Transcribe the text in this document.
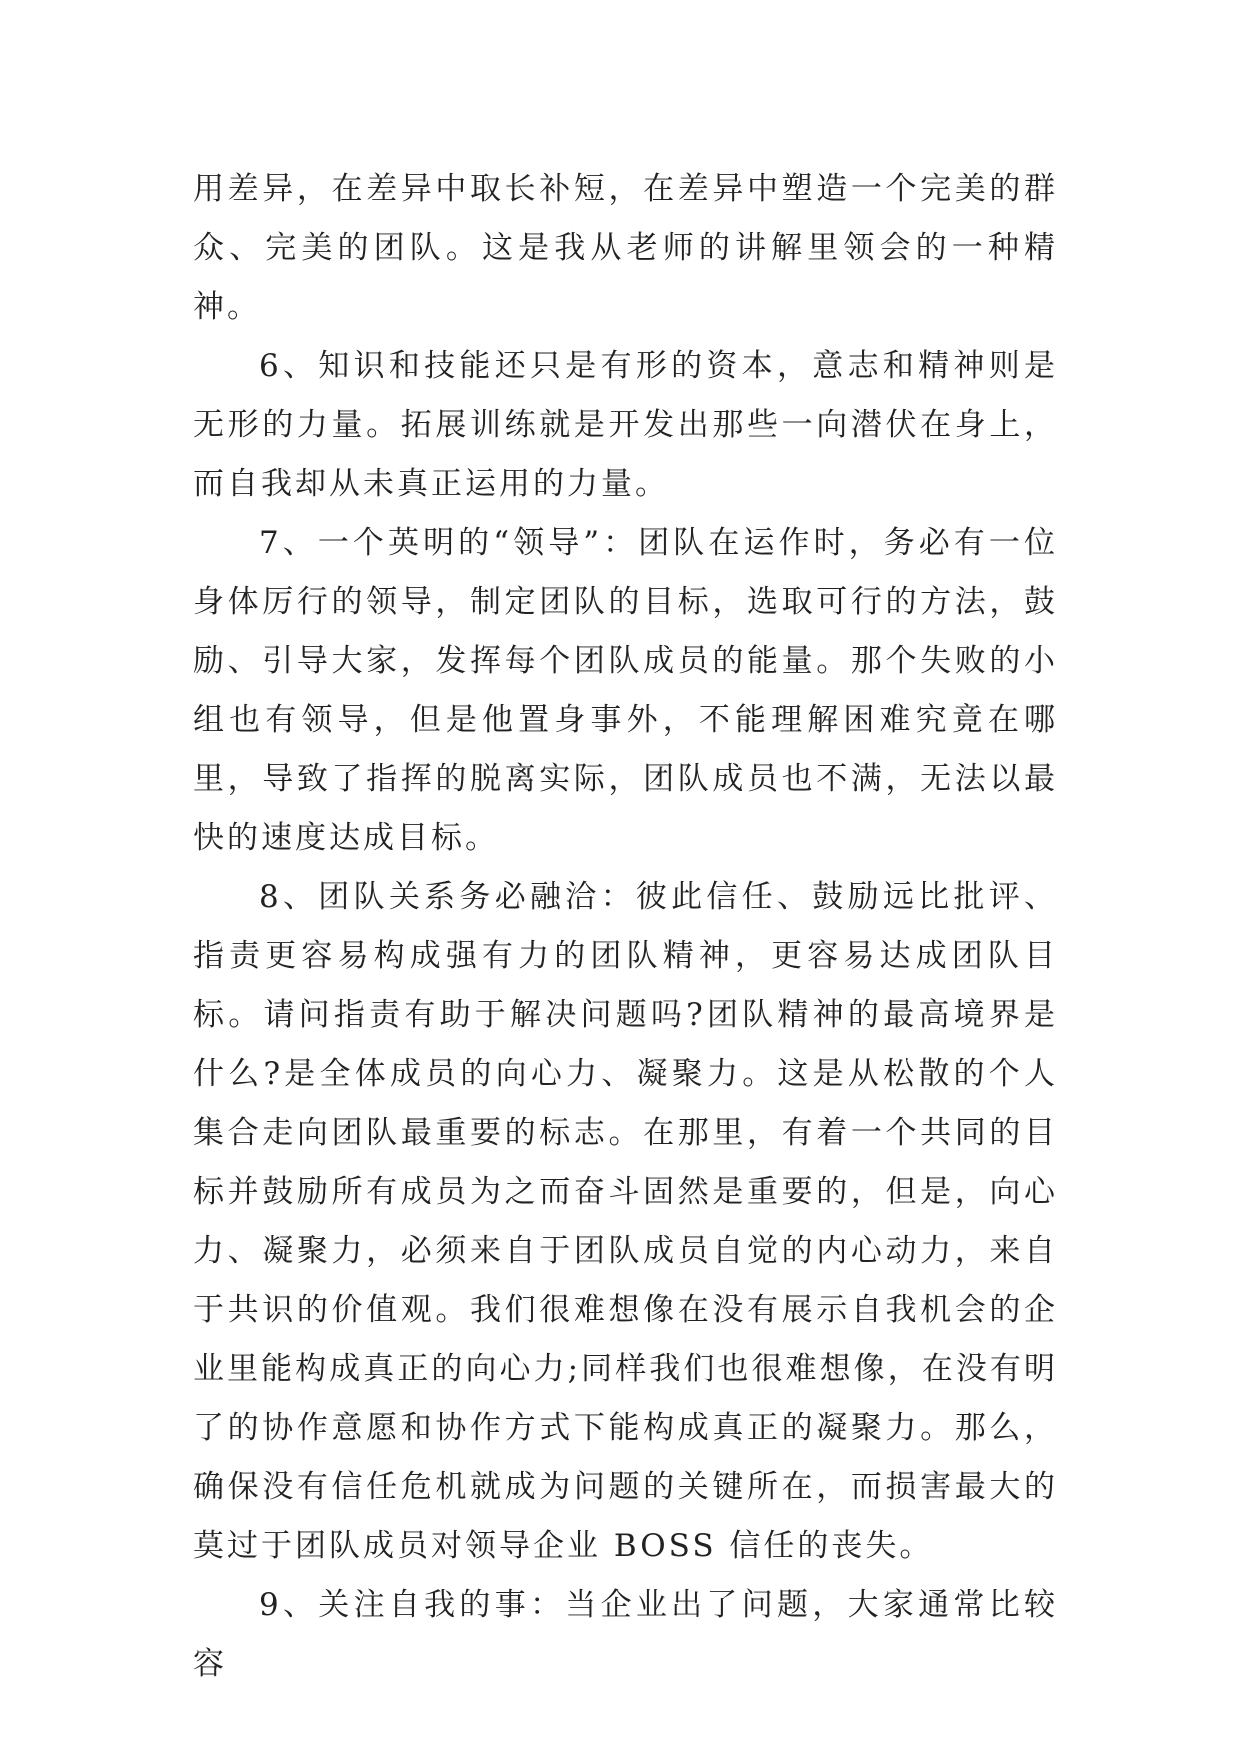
用差异，在差异中取长补短，在差异中塑造一个完美的群众、完美的团队。这是我从老师的讲解里领会的一种精神。

6、知识和技能还只是有形的资本，意志和精神则是无形的力量。拓展训练就是开发出那些一向潜伏在身上，而自我却从未真正运用的力量。

7、一个英明的“领导”：团队在运作时，务必有一位身体厉行的领导，制定团队的目标，选取可行的方法，鼓励、引导大家，发挥每个团队成员的能量。那个失败的小组也有领导，但是他置身事外，不能理解困难究竟在哪里，导致了指挥的脱离实际，团队成员也不满，无法以最快的速度达成目标。

8、团队关系务必融洽：彼此信任、鼓励远比批评、指责更容易构成强有力的团队精神，更容易达成团队目标。请问指责有助于解决问题吗?团队精神的最高境界是什么?是全体成员的向心力、凝聚力。这是从松散的个人集合走向团队最重要的标志。在那里，有着一个共同的目标并鼓励所有成员为之而奋斗固然是重要的，但是，向心力、凝聚力，必须来自于团队成员自觉的内心动力，来自于共识的价值观。我们很难想像在没有展示自我机会的企业里能构成真正的向心力;同样我们也很难想像，在没有明了的协作意愿和协作方式下能构成真正的凝聚力。那么，确保没有信任危机就成为问题的关键所在，而损害最大的莫过于团队成员对领导企业 BOSS 信任的丧失。

9、关注自我的事：当企业出了问题，大家通常比较容
